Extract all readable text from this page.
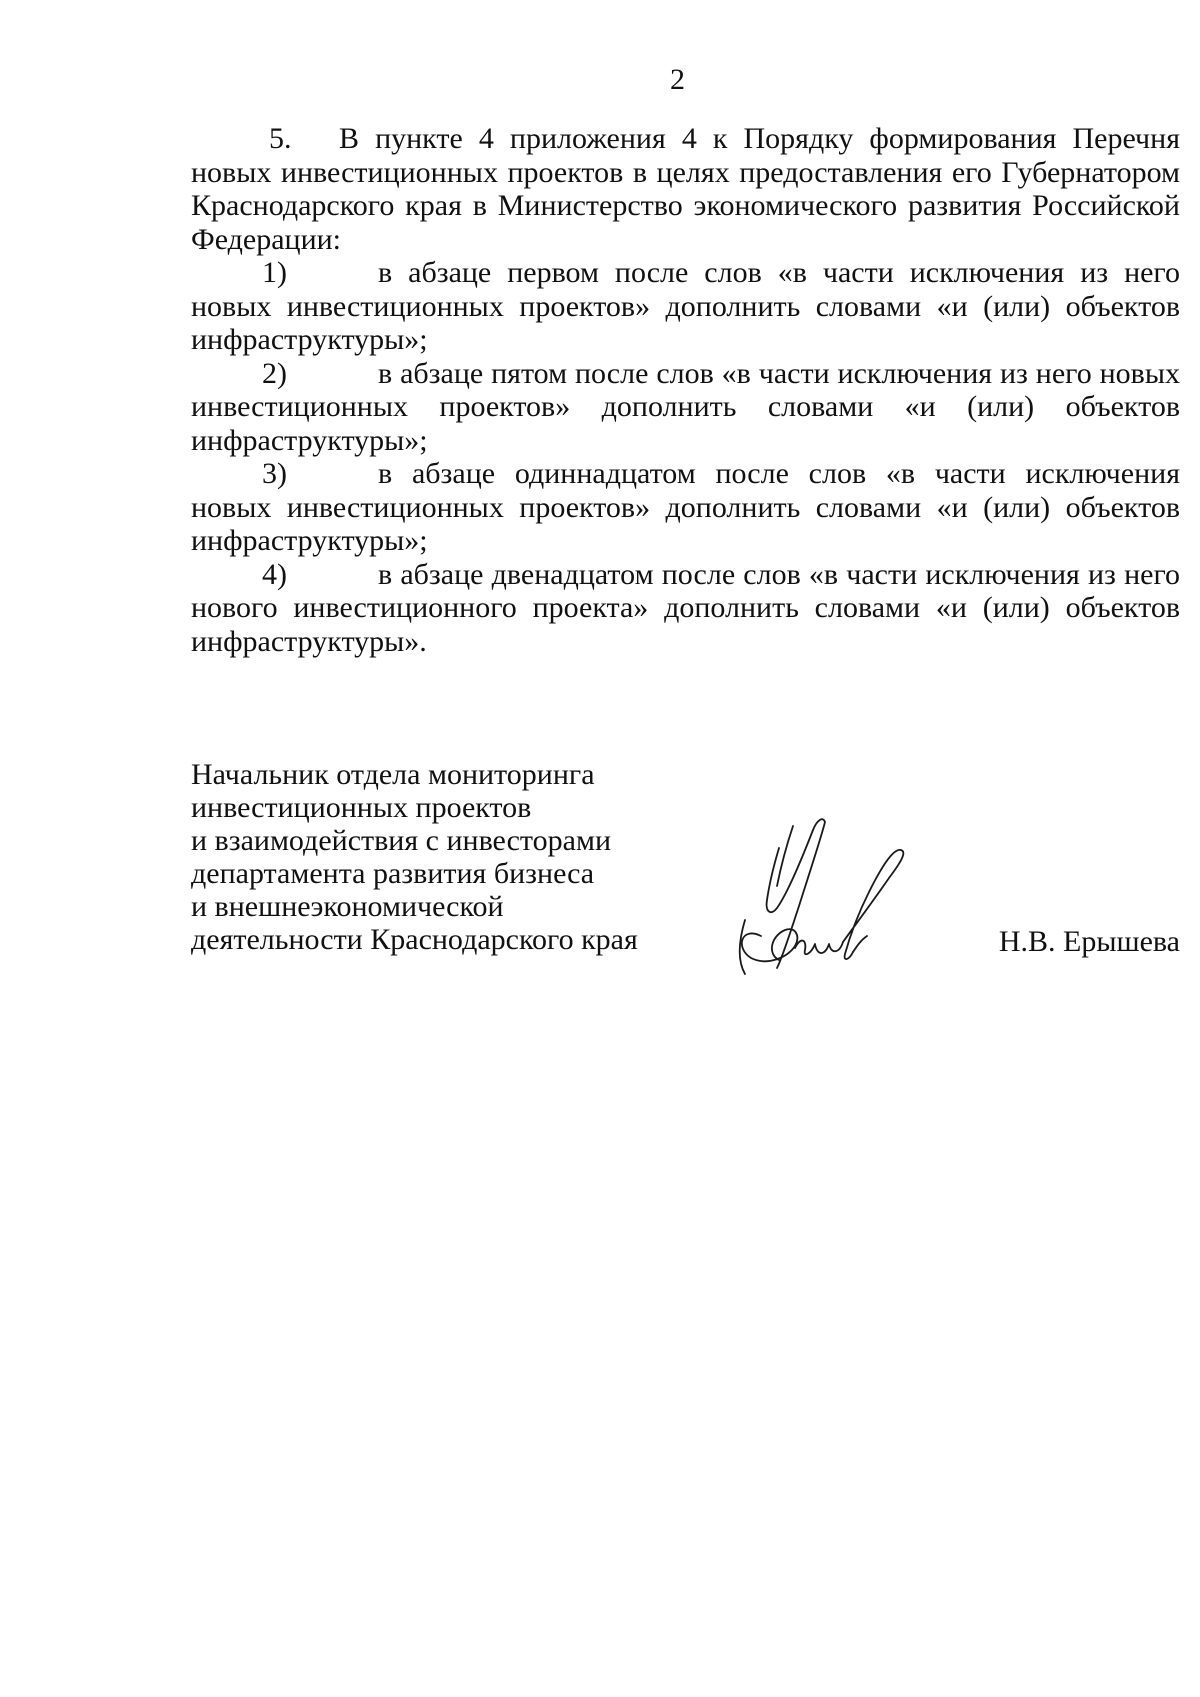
2

5. В пункте 4 приложения 4 к Порядку формирования Перечня новых инвестиционных проектов в целях предоставления его Губернатором Краснодарского края в Министерство экономического развития Российской Федерации:

1)	в абзаце первом после слов «в части исключения из него новых инвестиционных проектов» дополнить словами «и (или) объектов инфраструктуры»;

2)	в абзаце пятом после слов «в части исключения из него новых инвестиционных проектов» дополнить словами «и (или) объектов инфраструктуры»;

3)	в абзаце одиннадцатом после слов «в части исключения новых инвестиционных проектов» дополнить словами «и (или) объектов инфраструктуры»;

4)	в абзаце двенадцатом после слов «в части исключения из него нового инвестиционного проекта» дополнить словами «и (или) объектов инфраструктуры».

Начальник отдела мониторинга
инвестиционных проектов
и взаимодействия с инвесторами
департамента развития бизнеса
и внешнеэкономической
деятельности Краснодарского края	Н.В. Ерышева
